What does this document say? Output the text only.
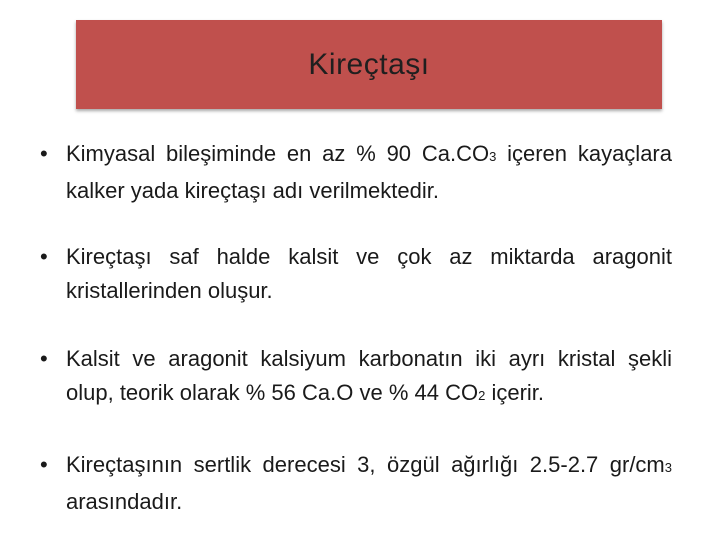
Kireçtaşı
• Kimyasal bileşiminde en az % 90 Ca.CO3 içeren kayaçlara kalker yada kireçtaşı adı verilmektedir.
• Kireçtaşı saf halde kalsit ve çok az miktarda aragonit kristallerinden oluşur.
• Kalsit ve aragonit kalsiyum karbonatın iki ayrı kristal şekli olup, teorik olarak % 56 Ca.O ve % 44 CO2 içerir.
• Kireçtaşının sertlik derecesi 3, özgül ağırlığı 2.5-2.7 gr/cm3 arasındadır.
